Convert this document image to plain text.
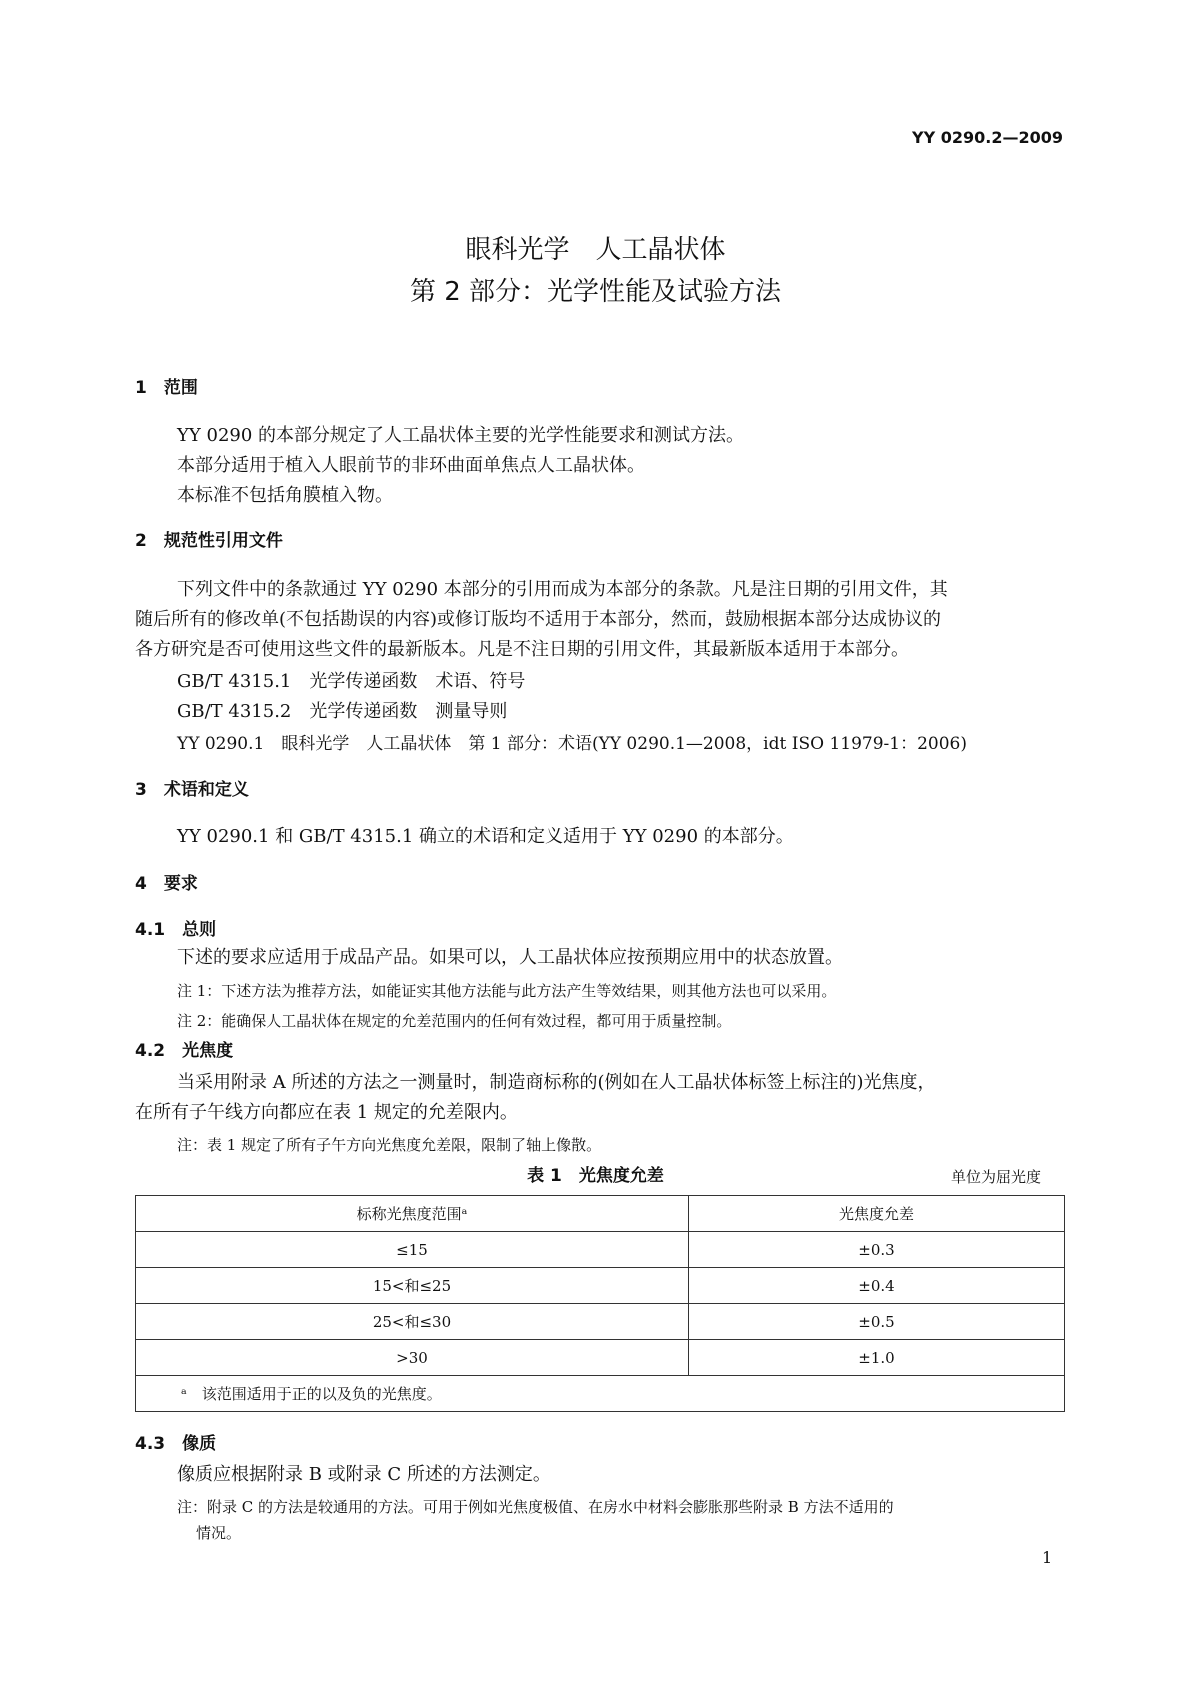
YY 0290.2—2009
眼科光学　人工晶状体
第 2 部分：光学性能及试验方法
1　范围
YY 0290 的本部分规定了人工晶状体主要的光学性能要求和测试方法。
本部分适用于植入人眼前节的非环曲面单焦点人工晶状体。
本标准不包括角膜植入物。
2　规范性引用文件
下列文件中的条款通过 YY 0290 本部分的引用而成为本部分的条款。凡是注日期的引用文件，其
随后所有的修改单(不包括勘误的内容)或修订版均不适用于本部分，然而，鼓励根据本部分达成协议的
各方研究是否可使用这些文件的最新版本。凡是不注日期的引用文件，其最新版本适用于本部分。
GB/T 4315.1　光学传递函数　术语、符号
GB/T 4315.2　光学传递函数　测量导则
YY 0290.1　眼科光学　人工晶状体　第 1 部分：术语(YY 0290.1—2008，idt ISO 11979-1：2006)
3　术语和定义
YY 0290.1 和 GB/T 4315.1 确立的术语和定义适用于 YY 0290 的本部分。
4　要求
4.1　总则
下述的要求应适用于成品产品。如果可以，人工晶状体应按预期应用中的状态放置。
注 1：下述方法为推荐方法，如能证实其他方法能与此方法产生等效结果，则其他方法也可以采用。
注 2：能确保人工晶状体在规定的允差范围内的任何有效过程，都可用于质量控制。
4.2　光焦度
当采用附录 A 所述的方法之一测量时，制造商标称的(例如在人工晶状体标签上标注的)光焦度，
在所有子午线方向都应在表 1 规定的允差限内。
注：表 1 规定了所有子午方向光焦度允差限，限制了轴上像散。
表 1　光焦度允差	单位为屈光度
标称光焦度范围ᵃ	光焦度允差
≤15	±0.3
15<和≤25	±0.4
25<和≤30	±0.5
>30	±1.0
ᵃ　该范围适用于正的以及负的光焦度。	
4.3　像质
像质应根据附录 B 或附录 C 所述的方法测定。
注：附录 C 的方法是较通用的方法。可用于例如光焦度极值、在房水中材料会膨胀那些附录 B 方法不适用的
情况。
1
